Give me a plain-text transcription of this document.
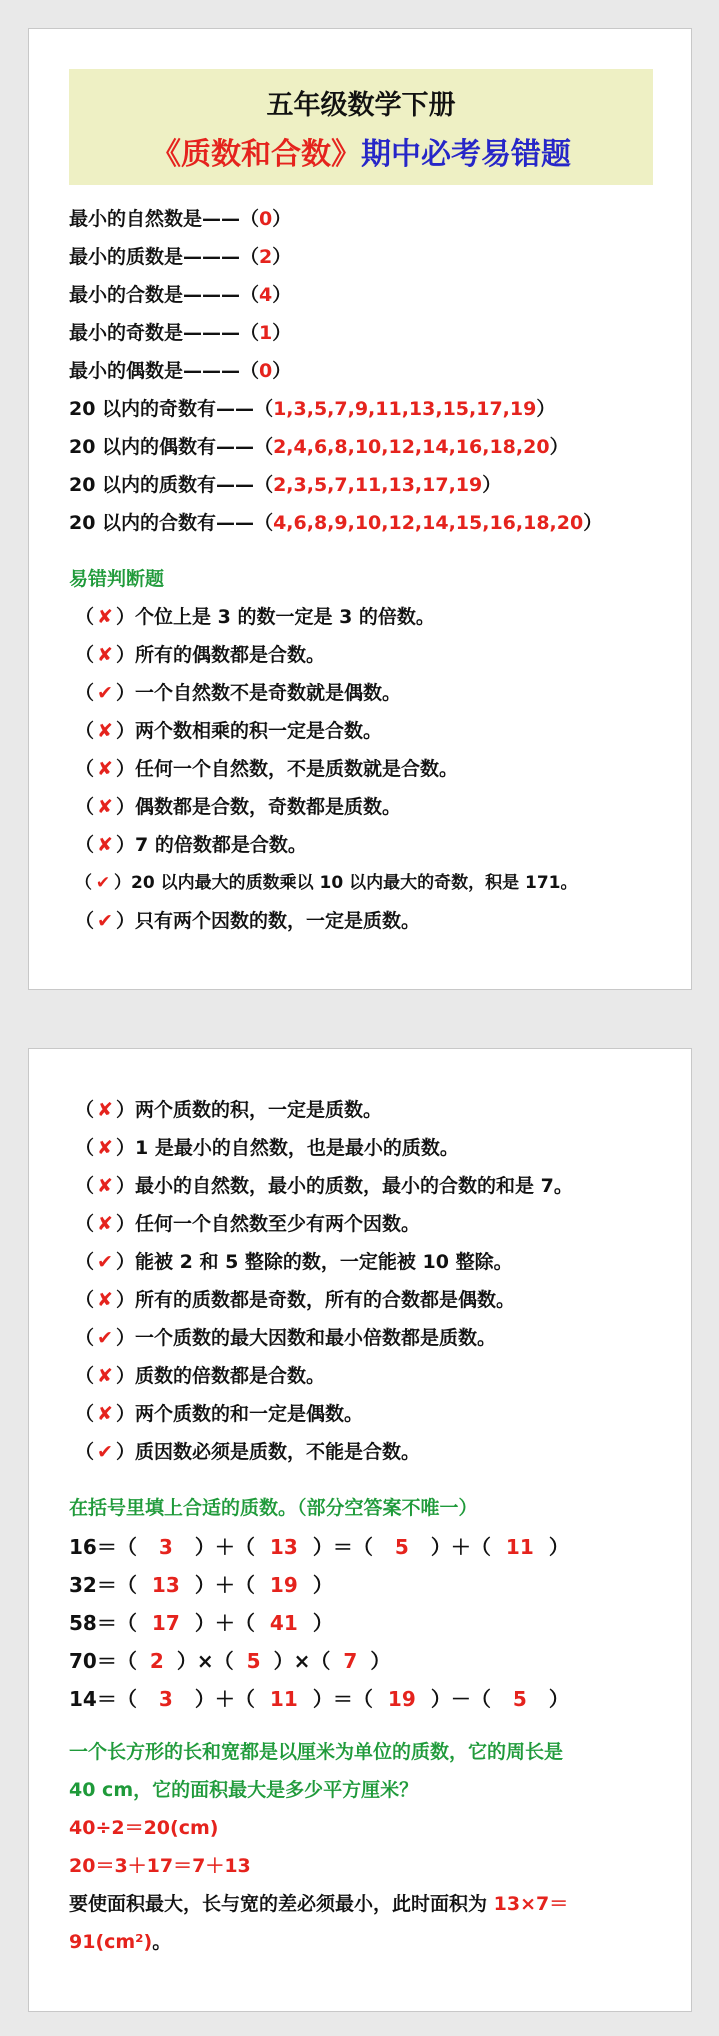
五年级数学下册
《质数和合数》期中必考易错题
最小的自然数是——（0）
最小的质数是———（2）
最小的合数是———（4）
最小的奇数是———（1）
最小的偶数是———（0）
20 以内的奇数有——（1,3,5,7,9,11,13,15,17,19）
20 以内的偶数有——（2,4,6,8,10,12,14,16,18,20）
20 以内的质数有——（2,3,5,7,11,13,17,19）
20 以内的合数有——（4,6,8,9,10,12,14,15,16,18,20）
易错判断题
（ ✘ ）个位上是 3 的数一定是 3 的倍数。
（ ✘ ）所有的偶数都是合数。
（ ✔ ）一个自然数不是奇数就是偶数。
（ ✘ ）两个数相乘的积一定是合数。
（ ✘ ）任何一个自然数，不是质数就是合数。
（ ✘ ）偶数都是合数，奇数都是质数。
（ ✘ ）7 的倍数都是合数。
（ ✔ ）20 以内最大的质数乘以 10 以内最大的奇数，积是 171。
（ ✔ ）只有两个因数的数，一定是质数。
（ ✘ ）两个质数的积，一定是质数。
（ ✘ ）1 是最小的自然数，也是最小的质数。
（ ✘ ）最小的自然数，最小的质数，最小的合数的和是 7。
（ ✘ ）任何一个自然数至少有两个因数。
（ ✔ ）能被 2 和 5 整除的数，一定能被 10 整除。
（ ✘ ）所有的质数都是奇数，所有的合数都是偶数。
（ ✔ ）一个质数的最大因数和最小倍数都是质数。
（ ✘ ）质数的倍数都是合数。
（ ✘ ）两个质数的和一定是偶数。
（ ✔ ）质因数必须是质数，不能是合数。
在括号里填上合适的质数。（部分空答案不唯一）
16＝（ 3 ）＋（ 13 ）＝（ 5 ）＋（ 11 ）
32＝（ 13 ）＋（ 19 ）
58＝（ 17 ）＋（ 41 ）
70＝（ 2 ）×（ 5 ）×（ 7 ）
14＝（ 3 ）＋（ 11 ）＝（ 19 ）－（ 5 ）
一个长方形的长和宽都是以厘米为单位的质数，它的周长是
40 cm，它的面积最大是多少平方厘米？
40÷2＝20(cm)
20＝3＋17＝7＋13
要使面积最大，长与宽的差必须最小，此时面积为 13×7＝
91(cm²)。
